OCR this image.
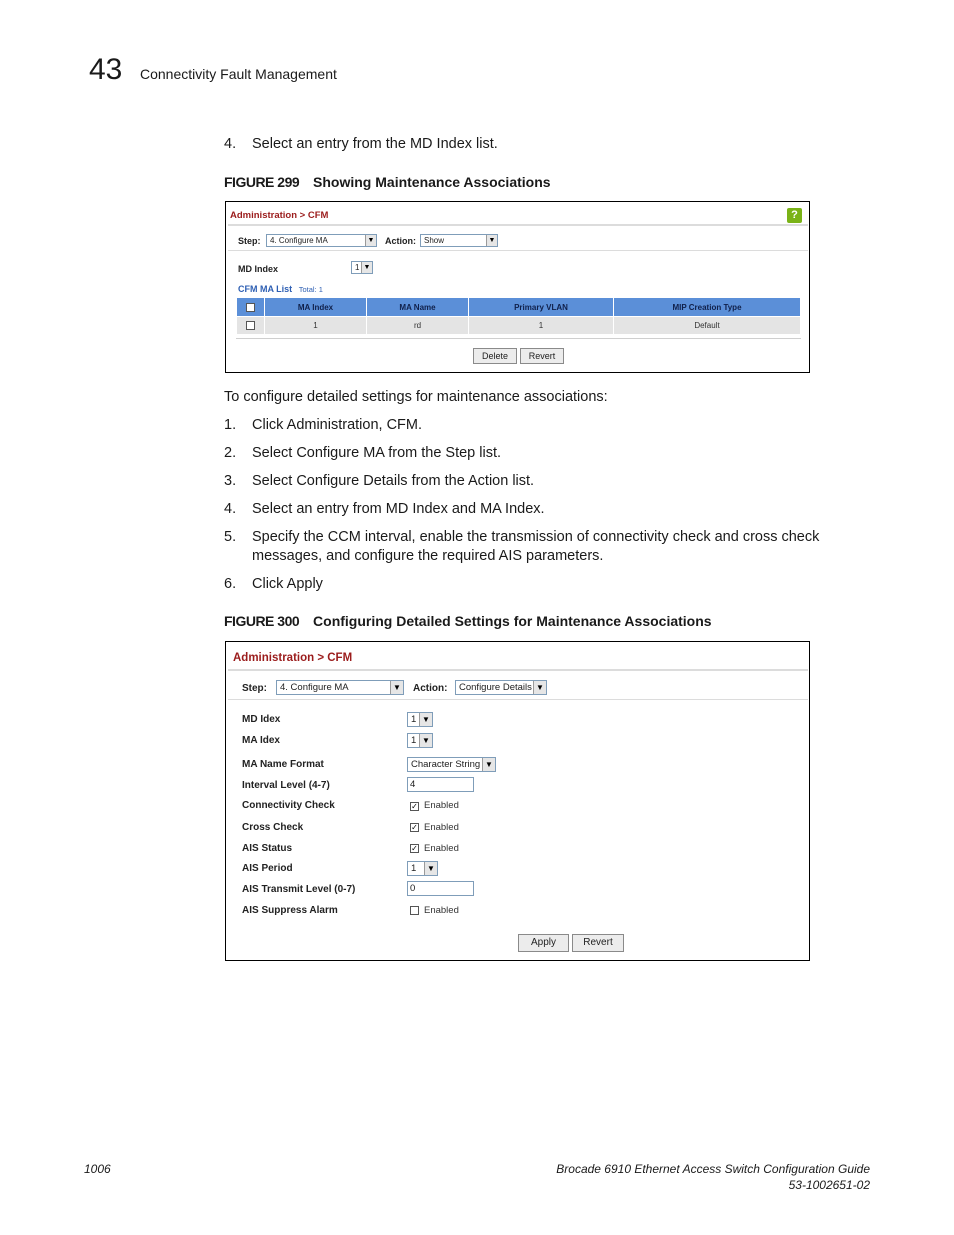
43 Connectivity Fault Management
4. Select an entry from the MD Index list.
FIGURE 299 Showing Maintenance Associations
Administration > CFM	?
Step:	4. Configure MA	▼ Action:	Show	▼
MD Index	1 ▼
CFM MA List Total: 1
	MA Index	MA Name	Primary VLAN	MIP Creation Type
	1	rd	1	Default
Delete	Revert
To configure detailed settings for maintenance associations:
1. Click Administration, CFM.
2. Select Configure MA from the Step list.
3. Select Configure Details from the Action list.
4. Select an entry from MD Index and MA Index.
5. Specify the CCM interval, enable the transmission of connectivity check and cross check messages, and configure the required AIS parameters.
6. Click Apply
FIGURE 300 Configuring Detailed Settings for Maintenance Associations
Administration > CFM
Step:	4. Configure MA	▼ Action:	Configure Details ▼
MD Idex	1 ▼
MA Idex	1 ▼
MA Name Format	Character String ▼
Interval Level (4-7)	4
Connectivity Check	✓ Enabled
Cross Check	✓ Enabled
AIS Status	✓ Enabled
AIS Period	1	▼
AIS Transmit Level (0-7)	0
AIS Suppress Alarm	Enabled
Apply	Revert
1006	Brocade 6910 Ethernet Access Switch Configuration Guide
53-1002651-02
